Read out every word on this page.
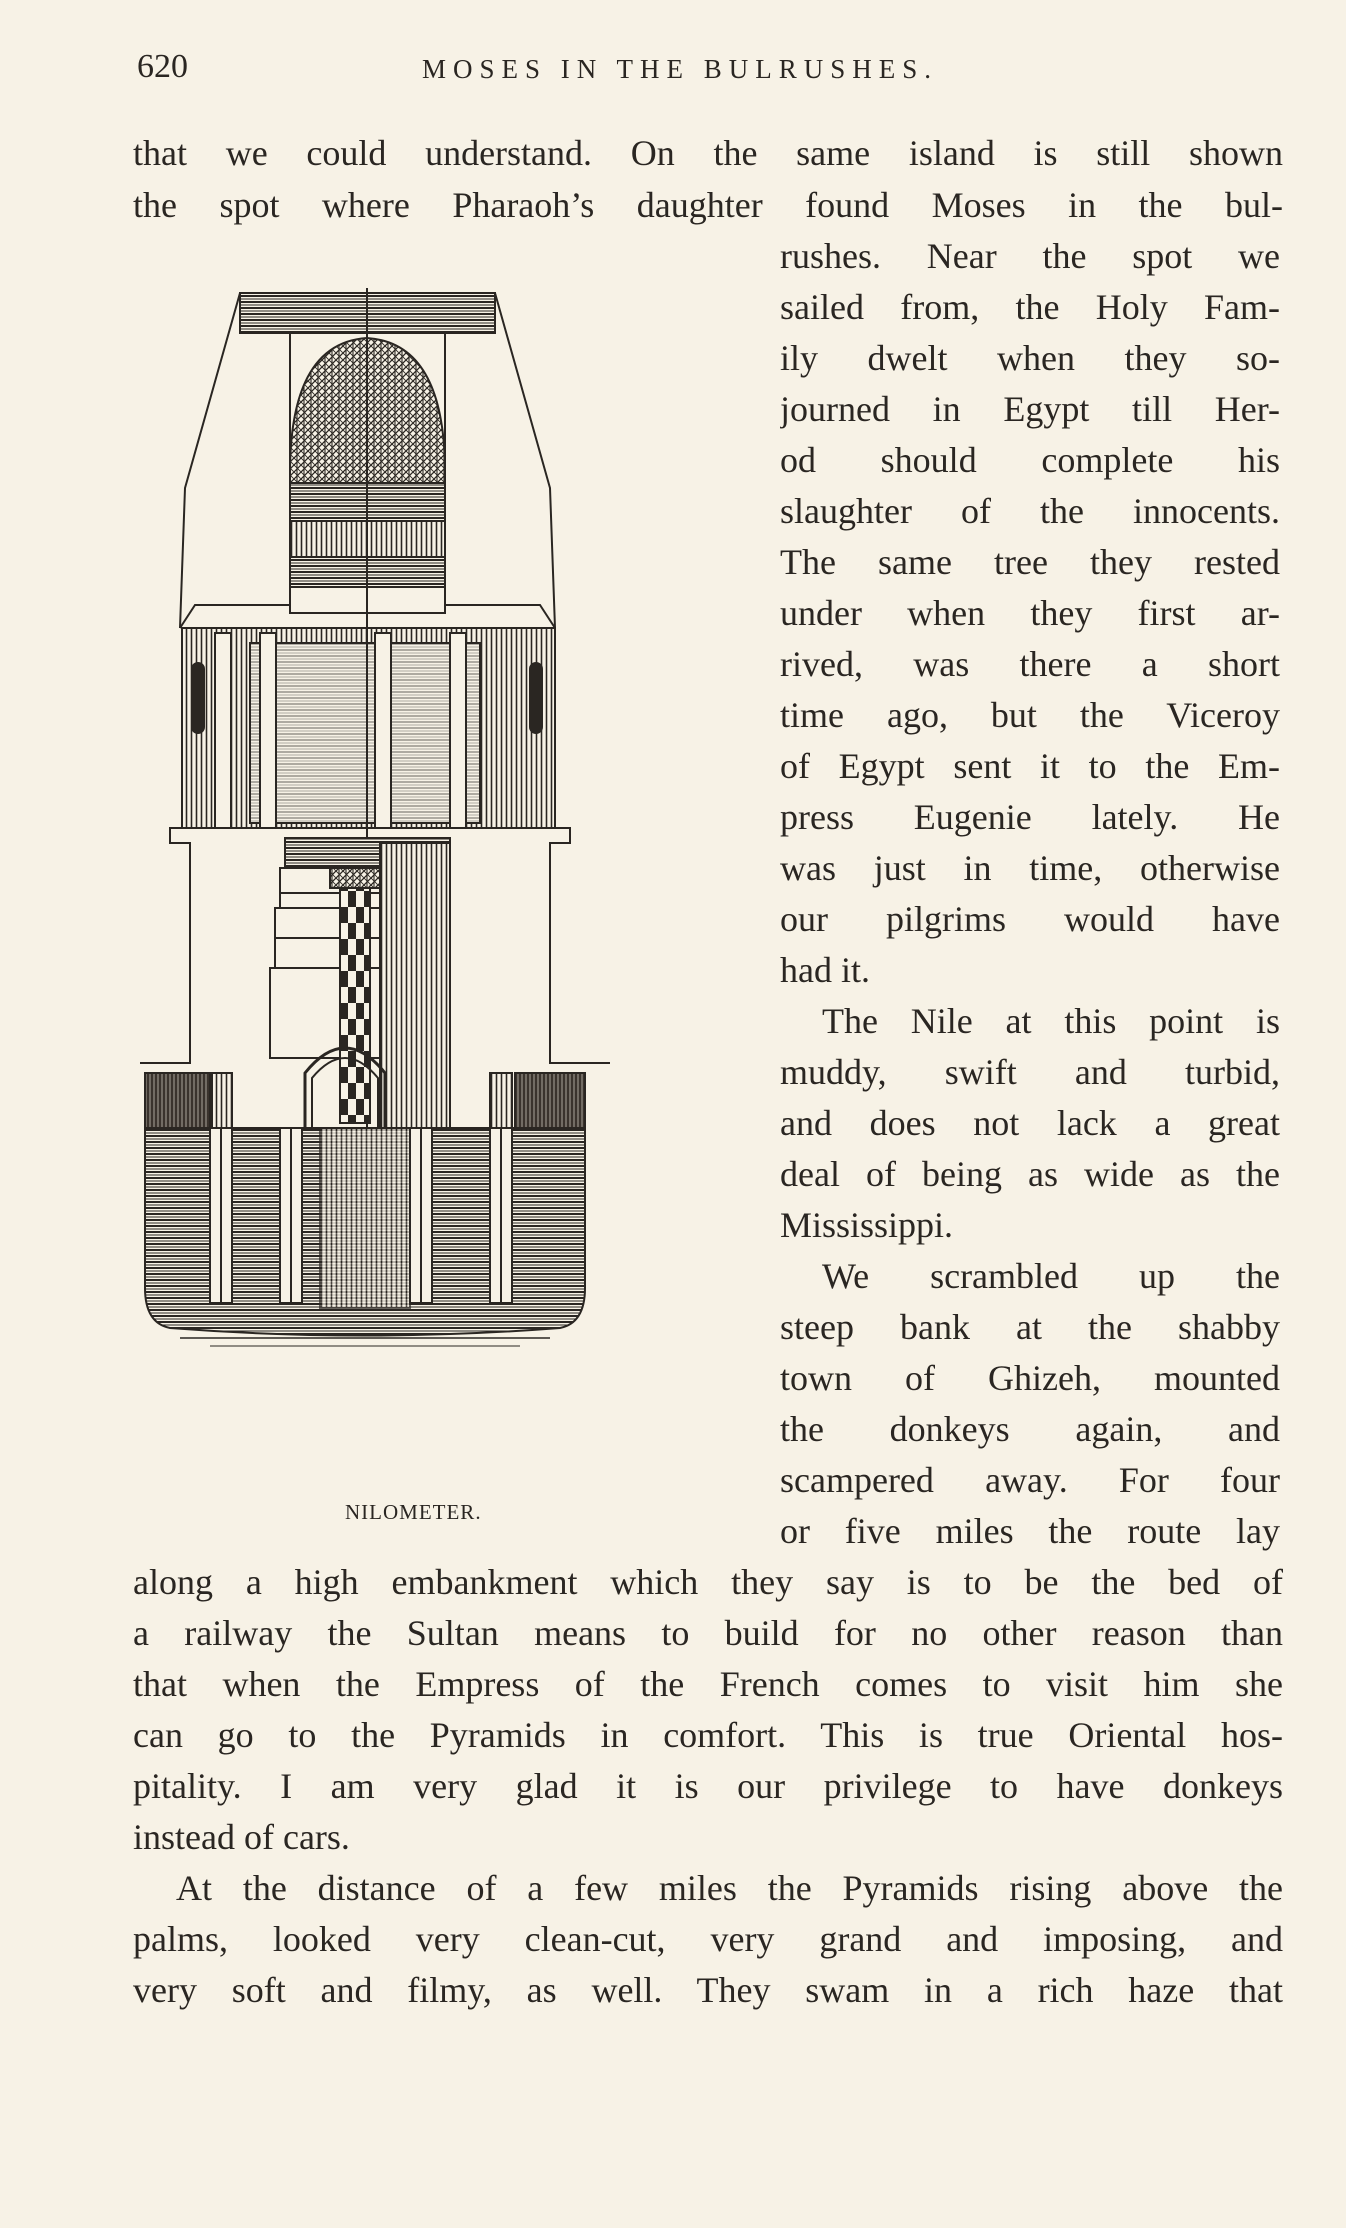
620	MOSES IN THE BULRUSHES.
that we could understand. On the same island is still shown
the spot where Pharaoh’s daughter found Moses in the bul-
rushes. Near the spot we
sailed from, the Holy Fam-
ily dwelt when they so-
journed in Egypt till Her-
od should complete his
slaughter of the innocents.
The same tree they rested
under when they first ar-
rived, was there a short
time ago, but the Viceroy
of Egypt sent it to the Em-
press Eugenie lately. He
was just in time, otherwise
our pilgrims would have
had it.
The Nile at this point is
muddy, swift and turbid,
and does not lack a great
deal of being as wide as the
Mississippi.
We scrambled up the
steep bank at the shabby
town of Ghizeh, mounted
the donkeys again, and
scampered away. For four
or five miles the route lay
along a high embankment which they say is to be the bed of
a railway the Sultan means to build for no other reason than
that when the Empress of the French comes to visit him she
can go to the Pyramids in comfort. This is true Oriental hos-
pitality. I am very glad it is our privilege to have donkeys
instead of cars.
At the distance of a few miles the Pyramids rising above the
palms, looked very clean-cut, very grand and imposing, and
very soft and filmy, as well. They swam in a rich haze that
NILOMETER.
